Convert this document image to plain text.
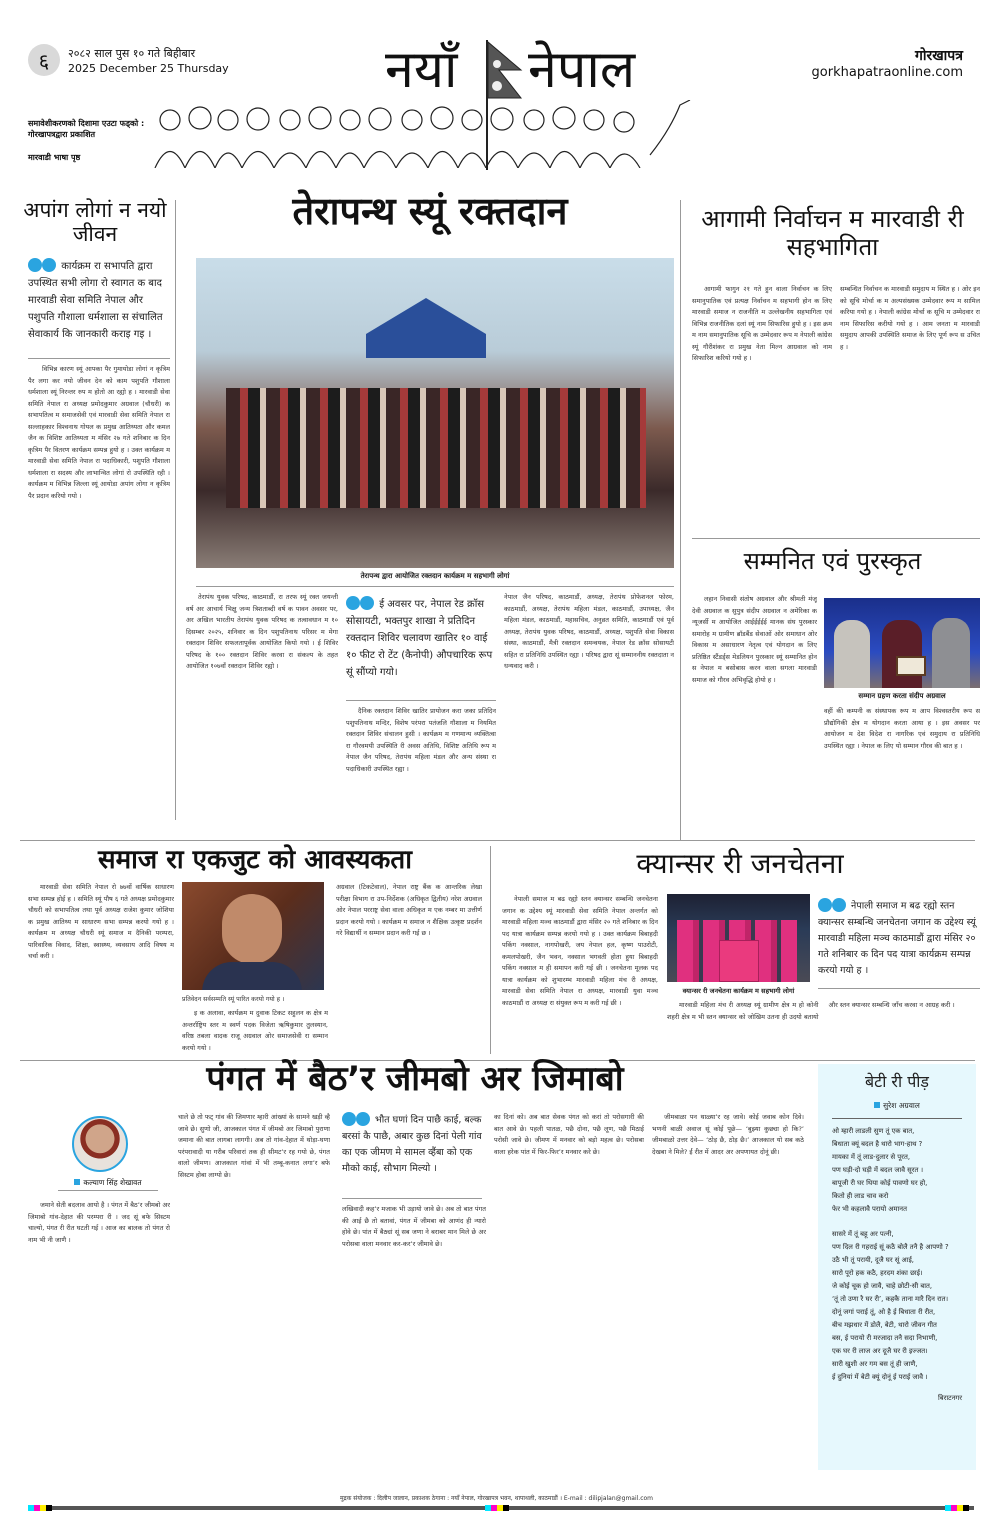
६ २०८२ साल पुस १० गते बिहीबार
2025 December 25 Thursday	नयाँ नेपाल	गोरखापत्र
gorkhapatraonline.com
समावेशीकरणको दिशामा एउटा फड्को : गोरखापत्रद्वारा प्रकाशित
मारवाडी भाषा पृष्ठ
अपांग लोगां न नयो जीवन
कार्यक्रम रा सभापति द्वारा उपस्थित सभी लोगा रो स्वागत क बाद मारवाडी सेवा समिति नेपाल और पशुपति गौशाला धर्मशाला स संचालित सेवाकार्य कि जानकारी कराइ गइ ।
विभिन्न कारण स्यूं आपका पैर गुमायोडा लोगां न कृत्रिम पैर लगा कर नयो जीवन देन को काम पशुपति गौशाला धर्मशाला स्यूं निरन्तर रुप म होतो आ रह्यो ह । मारवाडी सेवा समिति नेपाल रा अध्यक्ष प्रमोदकुमार अग्रवाल (चौधरी) क सभापतित्व म समाजसेवी एवं मारवाडी सेवा समिति नेपाल रा सल्लाहकार विश्वनाथ गोयल क प्रमुख आतिथ्यता और कमल जैन क विशिष्ट आतिथ्यता म मंसिर २७ गते शनिबार क दिन कृत्रिम पैर वितरण कार्यक्रम सम्पन्न हुयो ह । उक्त कार्यक्रम म मारवाडी सेवा समिति नेपाल रा पदाधिकारी, पशुपति गौशाला धर्मशाला रा सदस्य और लाभान्वित लोगां रो उपस्थिति रही । कार्यक्रम म विभिन्न जिल्ला स्यूं आयोडा अपांग लोगा न कृत्रिम पैर प्रदान करियो गयो ।
तेरापन्थ स्यूं रक्तदान
तेरापन्थ द्वारा आयोजित रक्तदान कार्यक्रम म सहभागी लोगां
तेरापंथ युवक परिषद, काठमाडौं, रा तरफ स्यूं रक्त जयन्ती वर्ष अर आचार्य भिक्षु जन्म त्रिशताब्दी वर्ष क पावन अवसर पर, अर अखिल भारतीय तेरापंथ युवक परिषद क तत्वावधान म १० दिसम्बर २०२५, शनिवार क दिन पशुपतिनाथ परिसर म मेगा रक्तदान शिविर सफलतापूर्वक आयोजित कियो गयो । ई शिविर परिषद के १०० रक्तदान शिविर करवा रा संकल्प के तहत आयोजित १०७वाँ रक्तदान शिविर रह्यो ।
ई अवसर पर, नेपाल रेड क्रॉस सोसायटी, भक्तपुर शाखा ने प्रतिदिन रक्तदान शिविर चलावण खातिर १० वाई १० फीट रो टेंट (कैनोपी) औपचारिक रूप सूं सौंप्यो गयो।
दैनिक रक्तदान शिविर खातिर प्रायोजन करा जका प्रतिदिन पशुपतिनाथ मन्दिर, विशेष परंपरा पतंजलि गौशाला म नियमित रक्तदान शिविर संचालन हुसी । कार्यक्रम म गणमान्य व्यक्तित्वा रा गौरवमयी उपस्थिति री अवस अतिथि, विशिष्ट अतिथि रूप म नेपाल जैन परिषद, तेरापंथ महिला मंडल और अन्य संस्था रा पदाधिकारी उपस्थित रह्या ।
नेपाल जैन परिषद, काठमाडौं, अध्यक्ष, तेरापंथ प्रोफेशनल फोरम, काठमाडौं, अध्यक्ष, तेरापंथ महिला मंडल, काठमाडौं, उपाध्यक्ष, जैन महिला मंडल, काठमाडौं, महासचिव, अनुव्रत समिति, काठमाडौं एवं पूर्व अध्यक्ष, तेरापंथ युवक परिषद, काठमाडौं, अध्यक्ष, पशुपति सेवा विकास संस्था, काठमाडौं, मैत्री रक्तदान समन्वयक, नेपाल रेड क्रॉस सोसायटी सहित रा प्रतिनिधि उपस्थित रह्या । परिषद द्वारा सूं सम्माननीय रक्तदाता न धन्यवाद करी ।
आगामी निर्वाचन म मारवाडी री सहभागिता
आगामी फागुन २१ गते हुन वाला निर्वाचन क लिए समानुपातिक एवं प्रत्यक्ष निर्वाचन म सहभागी होन क लिए मारवाडी समाज न राजनीति म उल्लेखनीय सहभागिता एवं विभिन्न राजनीतिक दलां स्यूं नाम सिफारिस हुयो ह । इस क्रम म नाम समानुपातिक सूचि क उम्मेदवार रूप म नेपाली कांग्रेस स्यूं गौरीशंकर रा प्रमुख नेता मिल्न आग्रवाल को नाम सिफारिश करियो गयो ह ।
सम्बन्धित निर्वाचन क मारवाडी समुदाय म स्थित ह । ओर इन को सूचि मोर्चा क म अल्पसंख्यक उम्मेदवार रूप म सामिल करिया गयो ह । नेपाली कांग्रेस मोर्चा क सूचि म उम्मेदवार रा नाम सिफारिस करीयो गयो ह । आम जनता म मारवाडी समुदाय आपकी उपस्थिति समाज के लिए पूर्ण रूप स उचित ह ।
सम्मनित एवं पुरस्कृत
लहान निवासी संतोष अग्रवाल और श्रीमती मंजू देवी अग्रवाल क सुपुत्र संदीप अग्रवाल न अमेरिका क न्यूजर्सी म आयोजित आईईईईई मानक संघ पुरस्कार समारोह म ग्रामीण ब्रॉडबैंड सेवाओं ओर समाधान ओर विकास म असाधारण नेतृत्व एवं योगदान क लिए प्रतिष्ठित स्टैंडर्ड्स मेडलियन पुरस्कार स्यूं सम्मानित होन स नेपाल म बसोबास करन वाला सगला मारवाडी समाज को गौरव अभिवृद्धि होयो ह ।
सम्मान ग्रहण करता संदीप अग्रवाल
वहीं की कम्पनी क संस्थापक रूप म आप विश्वस्तरीय रूप स प्रौद्योगिकी क्षेत्र म योगदान करता आया ह । इस अवसर पर आयोजन म देश विदेश रा नागरिक एवं समुदाय रा प्रतिनिधि उपस्थित रह्या । नेपाल क लिए यो सम्मान गौरव की बात ह ।
समाज रा एकजुट को आवस्यकता
मारवाडी सेवा समिति नेपाल रो ७७वों वार्षिक साधारण सभा सम्पन्न होई ह । समिति स्यूं पौष ६ गते अध्यक्ष प्रमोदकुमार चौधरी को सभापतित्व तथा पूर्व अध्यक्ष राजेश कुमार जोशिया क प्रमुख आतिथ्य म साधारण सभा सम्पन्न करयो गयो ह । कार्यक्रम म अध्यक्ष चौधरी स्यूं समाज म दैनिकी परम्परा, पारिवारिक विवाद, शिक्षा, स्वास्थ्य, व्यवसाय आदि विषय म चर्चा करी ।
प्रतिवेदन सर्वसम्मति स्यूं पारित करयो गयो ह ।
इ क अलावा, कार्यक्रम म दुवाक टिकट सहुलन क क्षेत्र म अन्तर्राष्ट्रिय स्तर म स्वर्ण पदक विजेता ऋषिकुमार तुलस्यान, वरिष्ठ तबला वादक राजू अग्रवाल ओर समाजसेवी रा सम्मान करयो गयो ।
अग्रवाल (टिकटेवाल), नेपाल राष्ट्र बैंक क आन्तरिक लेखा परीक्षा विभाग रा उप-निर्देशक (अधिकृत द्वितीय) नरेश अग्रवाल ओर नेपाल परराष्ट्र सेवा वाला अधिकृत म एक नम्बर मा उत्तीर्ण प्रदान करयो गयो । कार्यक्रम म समाज न शैक्षिक उत्कृष्ट प्रदर्शन गरे विद्यार्थी न सम्मान प्रदान करी गई छ ।
क्यान्सर री जनचेतना
नेपाली समाज म बढ रह्यो स्तन क्यान्सर सम्बन्धि जनचेतना जगान क उद्देश्य स्यूं मारवाडी सेवा समिति नेपाल अन्तर्गत को मारवाडी महिला मञ्च काठमाडौं द्वारा मंसिर २० गते शनिबार क दिन पद यात्रा कार्यक्रम सम्पन्न करयो गयो ह । उक्त कार्यक्रम बिबाहदी पकिंग नक्साल, नागपोखरी, जय नेपाल हल, कृष्ण पाउरोटी, कमलपोखरी, जैन भवन, नक्साल भगवती होता हुया बिबाहदी पकिंग नक्साल म ही समापन करी गई छी । जनचेतना मूलक पद यात्रा कार्यक्रम को शुभारम्भ मारवाडी महिला मंच री अध्यक्ष, मारवाडी सेवा समिति नेपाल रा अध्यक्ष, मारवाडी युवा मञ्च काठमाडौं रा अध्यक्ष रा संयुक्त रूप म करी गई छी ।
क्यान्सर री जनचेतना कार्यक्रम म सहभागी लोगां
नेपाली समाज म बढ रह्यो स्तन क्यान्सर सम्बन्धि जनचेतना जगान क उद्देश्य स्यूं मारवाडी महिला मञ्च काठमाडौं द्वारा मंसिर २० गते शनिबार क दिन पद यात्रा कार्यक्रम सम्पन्न करयो गयो ह ।
मारवाडी महिला मंच री अध्यक्ष स्यूं ग्रामीण क्षेत्र म हो कोनी शहरी क्षेत्र म भी स्तन क्यान्सर को जोखिम उतना ही उदयो बतायो और स्तन क्यान्सर सम्बन्धि जाँच करवा न आग्रह करी ।
पंगत में बैठ’र जीमबो अर जिमाबो
कल्याण सिंह शेखावत
जमाने सेती बदलाव आयो है । पंगत में बैठ’र जीमबो अर जिमाबो गांव-देहात की परम्परा री । जद सूं बफे सिस्टम चाल्यो, पंगत री रीत घटती गई । आज का बालक तो पंगत रो नाम भी नी जाणै ।
चाले छे तो फट् गांव की जिमणार म्हारी आंख्यां के सामने खड़ी व्है जावे छे। सुणो जी, आजकाल पंगत में जीमबो अर जिमाबो पुराणा जमाना की बात लागबा लागगी। अब तो गांव-देहात में थोड़ा-घणा परंपरावादी या गरीब परिवारां तक ही सीमट’र रह गयो छे, पंगत वालो जीमण। आजकाल गांवां में भी तम्बू-कनात लगा’र बफे सिस्टम होबा लाग्यो छे।
भौत घणां दिन पाछै काई, बल्क बरसां कै पाछै, अबार कुछ दिनां पेली गांव का एक जीमण मे सामल व्हैंबा को एक मौको काई, सौभाग मिल्यो ।
लखिवादी कह’र मजाक भी उड़ायो जावे छे। अब तो बात पंगत की आई छै तो बतावां, पंगत में जीमबा को आणंद ही न्यारो होवे छे। पांत में बैठ्यां सूं सब जणा ने बराबर मान मिले छे अर परोसबा वाला मनवार कर-कर’र जीमावे छे।
का दिनां को। अब बात सेवक पंगत को करां तो परोसगारी की बात आवे छे। पहली पातळ, पछै दोना, पछै लूण, पछै मिठाई परोसी जावे छे। जीमण में मनवार को बड़ो महत्व छे। परोसबा वाला हरेक पांत में फिर-फिर’र मनवार करे छे।
जीमबाळा पन थाळ्या’र रह जावे। कोई जवाब कोन दिवे। भणनी बाळी अवाज सूं कोई पूछे— ‘बुझ्या कुछ्या हो कि?’ जीमबाळो उत्तर देवे— ‘ठोड़ छै, ठोड़ छै।’ आजकाल यो सब कठे देखबा ने मिले? ईं रीत में आदर अर अपणायत दोनूं छी।
बेटी री पीड़
सुरेश अग्रवाल
ओ म्हारी लाडली सुण तूं एक बात,
बिधाता क्यूं बदल है थारो भाग-हाथ ?
मायका में तूं लाड-दुलार से पूरत,
पण घड़ी-दो घड़ी में बदल जावै सूरत ।
बापूजी री घर थिया कोई पावणो घर हो,
कितो ही लाड चाव करो
फेर भी कहलावै परायो अमानत
सासरे में तूं बहू अर पत्नी,
पण दिल री गहराई सूं कठै बोलै तनै है आपणो ?
उठै भी तूं परायी, दूजै घर सूं आई,
सारो पूरो हक कठै, हरदम शंका छाई।
जे कोई चूक हो जावै, चाहे छोटी-सी बात,
‘तूं तो उणा रै घर री’, कहकै ताना मारै दिन रात।
दोनूं जगां पराई तूं, ओ है ई बिधाता री रीत,
बीच मझधार में डोलै, बेटी, थारो जीवन गीत
बस, ई परायो री मरजादा तनै सदा निभाणी,
एक घर री लाज अर दूजै घर री इज्जत।
सारी खुशी अर गम बस तूं ही जाणै,
ई दुनियां में बेटी क्यूं दोनूं ई पराई जावै ।
बिराटनगर
मुद्रक संयोजक : दिलीप जालान, प्रकाशक ठेगाना : नयाँ नेपाल, गोरखापत्र भवन, थापाथली, काठमाडौं । E-mail : dilipjalan@gmail.com
